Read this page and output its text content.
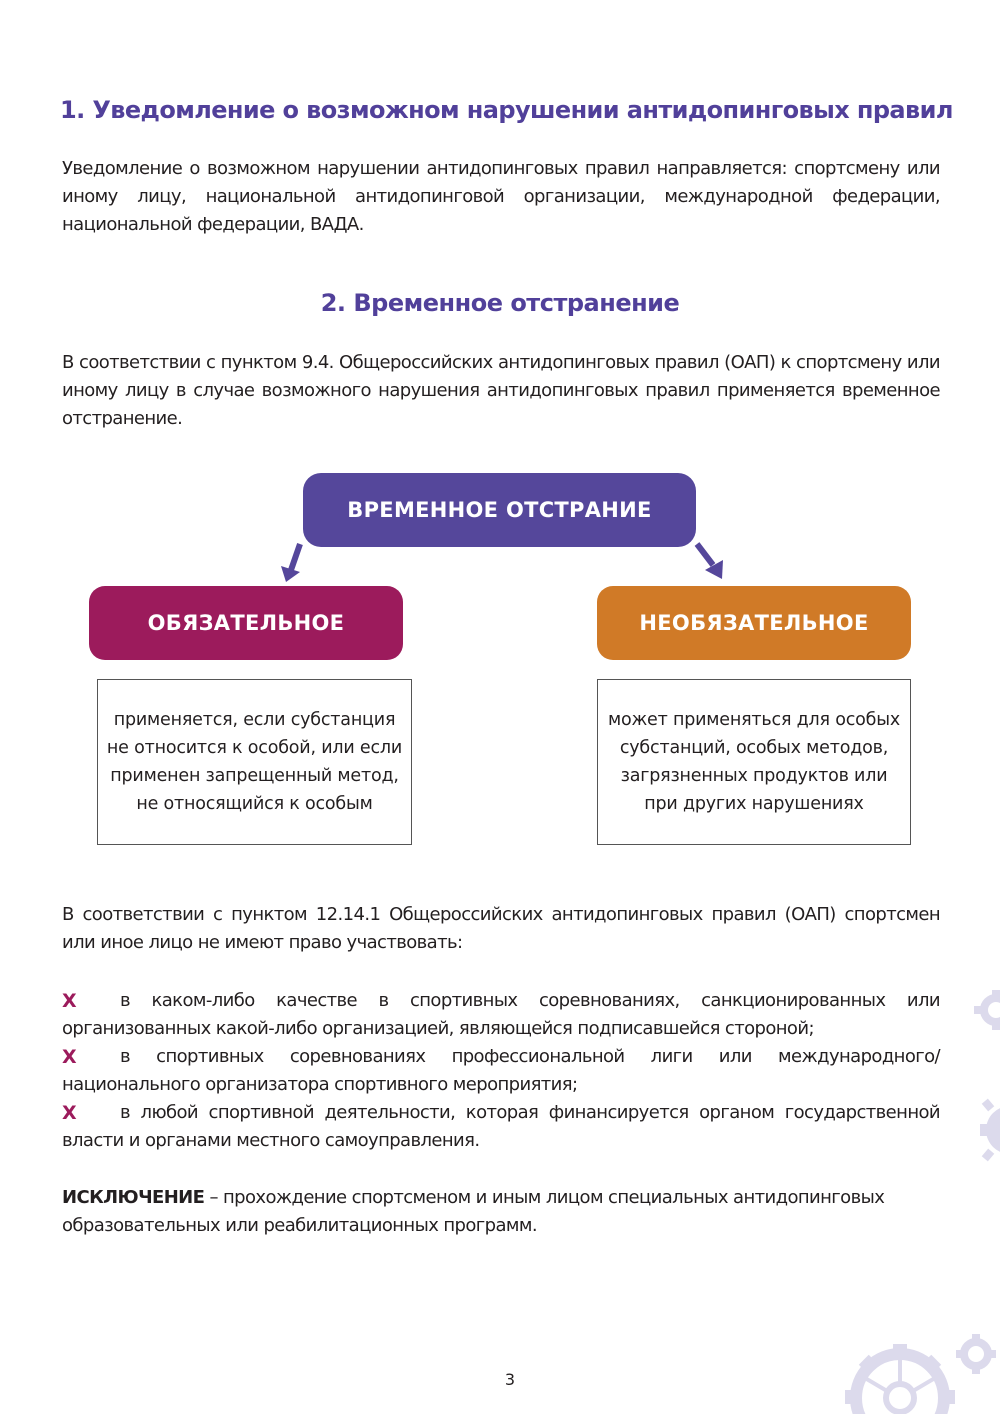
1. Уведомление о возможном нарушении антидопинговых правил
Уведомление о возможном нарушении антидопинговых правил направляется: спортсмену или иному лицу, национальной антидопинговой организации, международной федерации, национальной федерации, ВАДА.
2. Временное отстранение
В соответствии с пунктом 9.4. Общероссийских антидопинговых правил (ОАП) к спортсмену или иному лицу в случае возможного нарушения антидопинговых правил применяется временное отстранение.
ВРЕМЕННОЕ ОТСТРАНИЕ
ОБЯЗАТЕЛЬНОЕ	НЕОБЯЗАТЕЛЬНОЕ
применяется, если субстанция
не относится к особой, или если
применен запрещенный метод,
не относящийся к особым
может применяться для особых
субстанций, особых методов,
загрязненных продуктов или
при других нарушениях
В соответствии с пунктом 12.14.1 Общероссийских антидопинговых правил (ОАП) спортсмен или иное лицо не имеют право участвовать:
X	в каком-либо качестве в спортивных соревнованиях, санкционированных или организованных какой-либо организацией, являющейся подписавшейся стороной;
X	в спортивных соревнованиях профессиональной лиги или международного/ национального организатора спортивного мероприятия;
X	в любой спортивной деятельности, которая финансируется органом государственной власти и органами местного самоуправления.
ИСКЛЮЧЕНИЕ – прохождение спортсменом и иным лицом специальных антидопинговых образовательных или реабилитационных программ.
3
